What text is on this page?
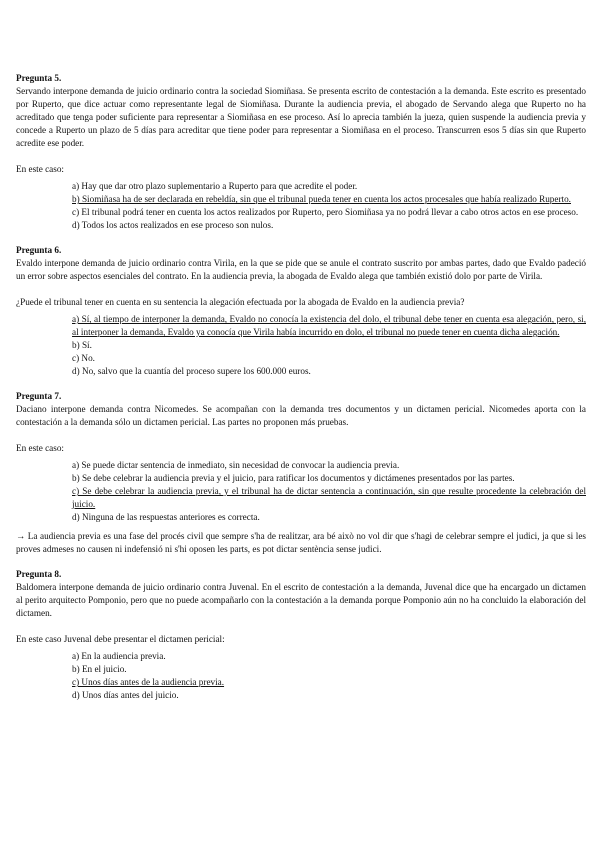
Pregunta 5.

Servando interpone demanda de juicio ordinario contra la sociedad Siomiñasa. Se presenta escrito de contestación a la demanda. Este escrito es presentado por Ruperto, que dice actuar como representante legal de Siomiñasa. Durante la audiencia previa, el abogado de Servando alega que Ruperto no ha acreditado que tenga poder suficiente para representar a Siomiñasa en ese proceso. Así lo aprecia también la jueza, quien suspende la audiencia previa y concede a Ruperto un plazo de 5 días para acreditar que tiene poder para representar a Siomiñasa en el proceso. Transcurren esos 5 días sin que Ruperto acredite ese poder.

En este caso:

a) Hay que dar otro plazo suplementario a Ruperto para que acredite el poder.
b) Siomiñasa ha de ser declarada en rebeldía, sin que el tribunal pueda tener en cuenta los actos procesales que había realizado Ruperto.
c) El tribunal podrá tener en cuenta los actos realizados por Ruperto, pero Siomiñasa ya no podrá llevar a cabo otros actos en ese proceso.
d) Todos los actos realizados en ese proceso son nulos.

Pregunta 6.

Evaldo interpone demanda de juicio ordinario contra Virila, en la que se pide que se anule el contrato suscrito por ambas partes, dado que Evaldo padeció un error sobre aspectos esenciales del contrato. En la audiencia previa, la abogada de Evaldo alega que también existió dolo por parte de Virila.

¿Puede el tribunal tener en cuenta en su sentencia la alegación efectuada por la abogada de Evaldo en la audiencia previa?

a) Sí, al tiempo de interponer la demanda, Evaldo no conocía la existencia del dolo, el tribunal debe tener en cuenta esa alegación, pero, si, al interponer la demanda, Evaldo ya conocía que Virila había incurrido en dolo, el tribunal no puede tener en cuenta dicha alegación.
b) Sí.
c) No.
d) No, salvo que la cuantía del proceso supere los 600.000 euros.

Pregunta 7.

Daciano interpone demanda contra Nicomedes. Se acompañan con la demanda tres documentos y un dictamen pericial. Nicomedes aporta con la contestación a la demanda sólo un dictamen pericial. Las partes no proponen más pruebas.

En este caso:

a) Se puede dictar sentencia de inmediato, sin necesidad de convocar la audiencia previa.
b) Se debe celebrar la audiencia previa y el juicio, para ratificar los documentos y dictámenes presentados por las partes.
c) Se debe celebrar la audiencia previa, y el tribunal ha de dictar sentencia a continuación, sin que resulte procedente la celebración del juicio.
d) Ninguna de las respuestas anteriores es correcta.

→ La audiencia previa es una fase del procés civil que sempre s'ha de realitzar, ara bé això no vol dir que s'hagi de celebrar sempre el judici, ja que si les proves admeses no causen ni indefensió ni s'hi oposen les parts, es pot dictar sentència sense judici.

Pregunta 8.

Baldomera interpone demanda de juicio ordinario contra Juvenal. En el escrito de contestación a la demanda, Juvenal dice que ha encargado un dictamen al perito arquitecto Pomponio, pero que no puede acompañarlo con la contestación a la demanda porque Pomponio aún no ha concluido la elaboración del dictamen.

En este caso Juvenal debe presentar el dictamen pericial:

a) En la audiencia previa.
b) En el juicio.
c) Unos días antes de la audiencia previa.
d) Unos días antes del juicio.
